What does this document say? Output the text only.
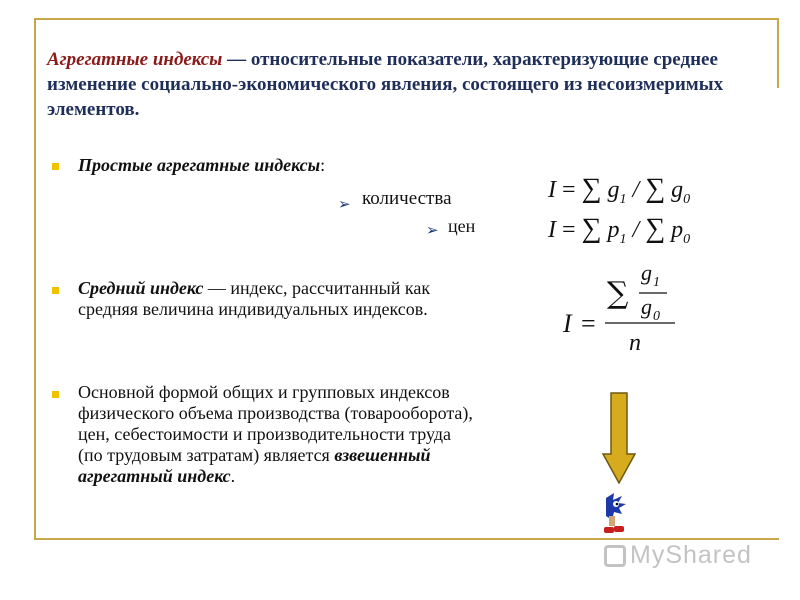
Агрегатные индексы — относительные показатели, характеризующие среднее изменение социально-экономического явления, состоящего из несоизмеримых элементов.
Простые агрегатные индексы:
➢ количества
➢ цен
Средний индекс — индекс, рассчитанный как средняя величина индивидуальных индексов.
Основной формой общих и групповых индексов физического объема производства (товарооборота), цен, себестоимости и производительности труда (по трудовым затратам) является взвешенный агрегатный индекс.
I = ∑ $g_1$ / ∑ $g_0$
I = ∑ $p_1$ / ∑ $p_0$
I =
∑
g 1
g 0
n
MyShared
